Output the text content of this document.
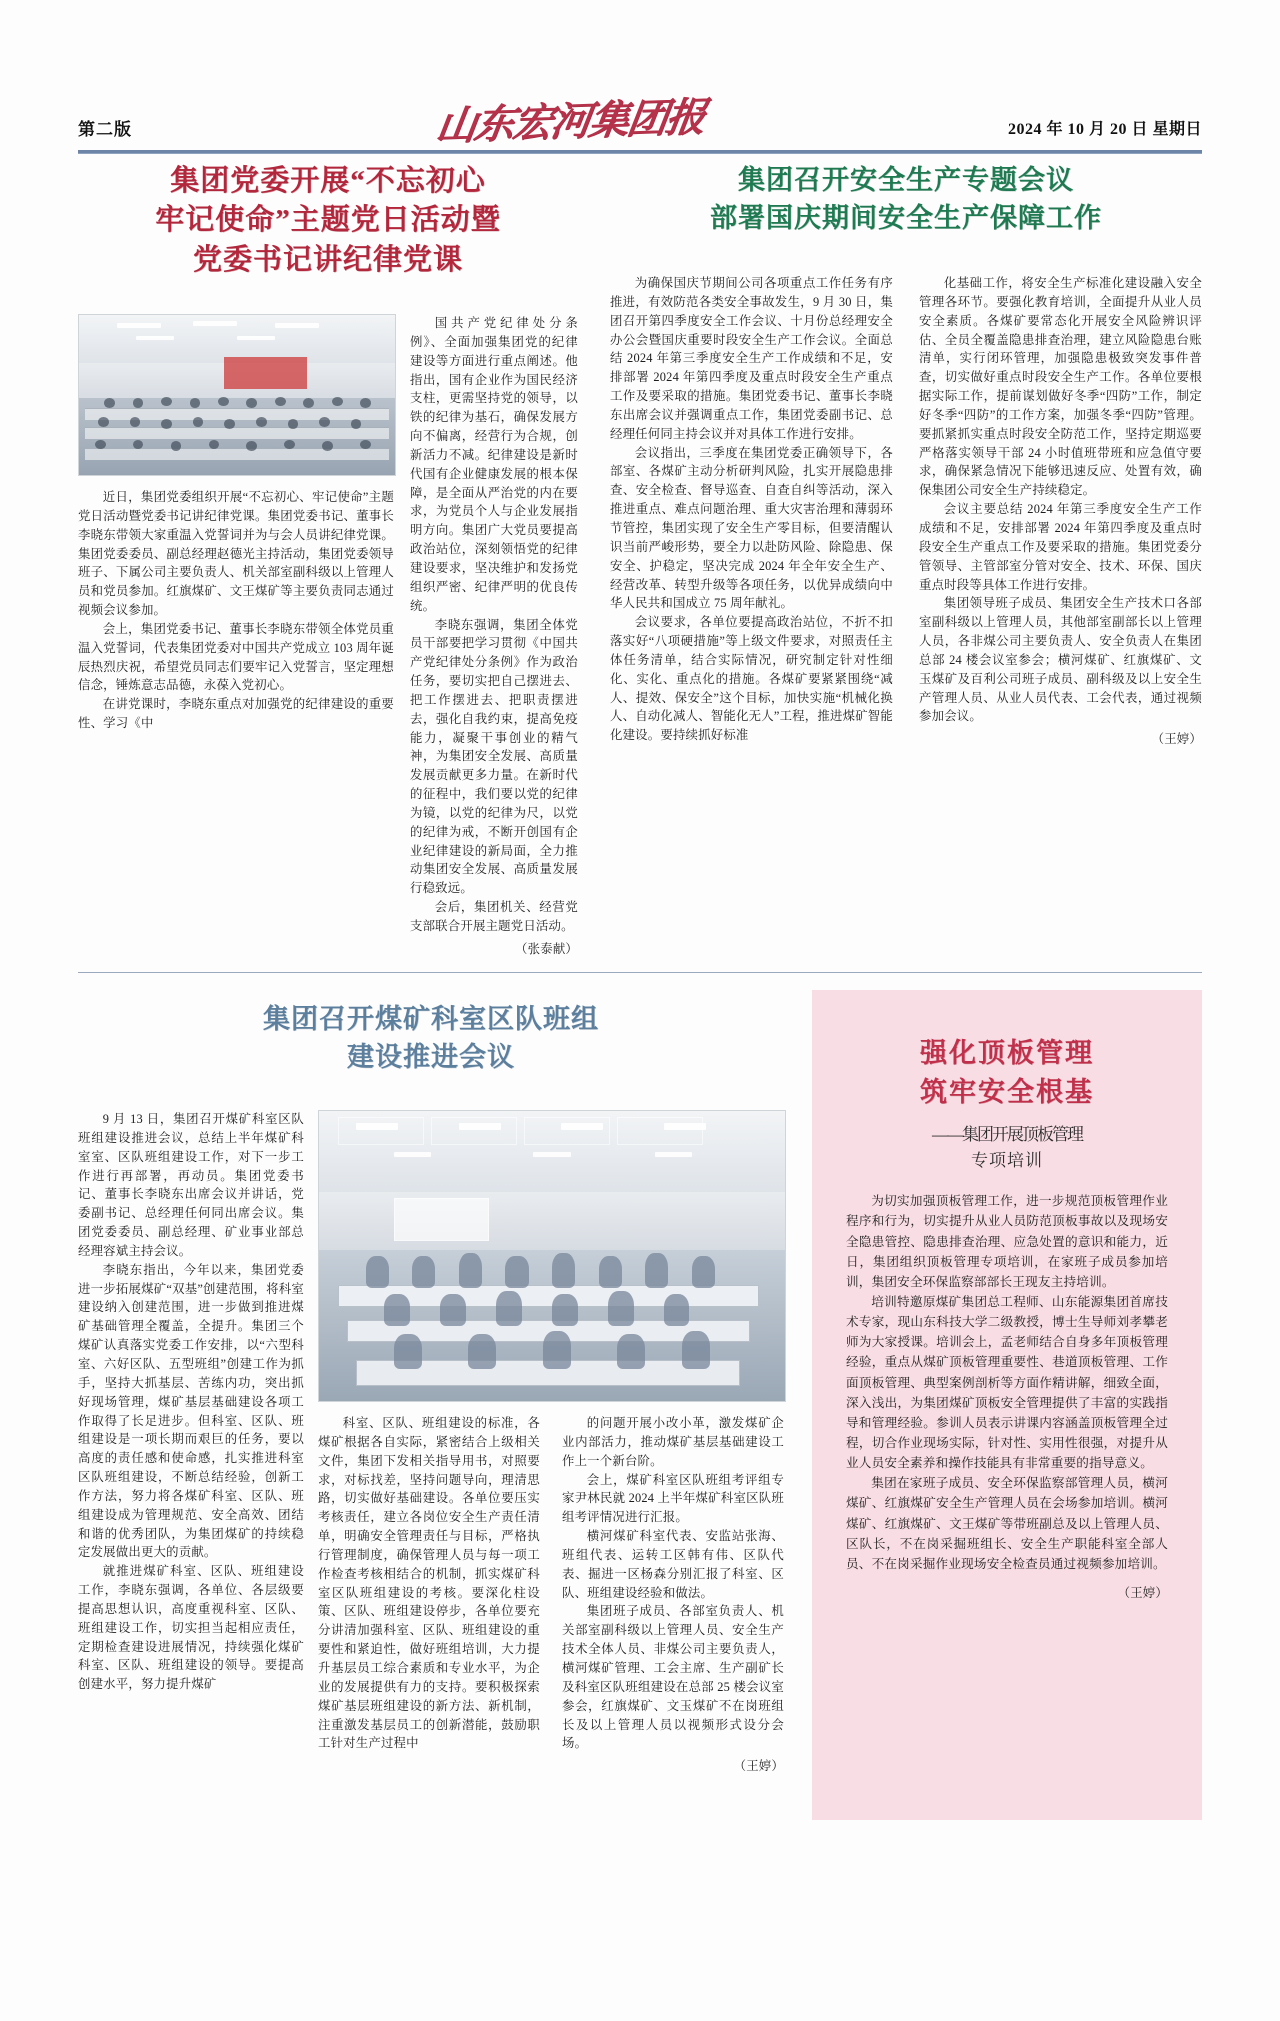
第二版	山东宏河集团报	2024 年 10 月 20 日 星期日
集团党委开展“不忘初心
牢记使命”主题党日活动暨
党委书记讲纪律党课

近日，集团党委组织开展“不忘初心、牢记使命”主题党日活动暨党委书记讲纪律党课。集团党委书记、董事长李晓东带领大家重温入党誓词并为与会人员讲纪律党课。集团党委委员、副总经理赵德光主持活动，集团党委领导班子、下属公司主要负责人、机关部室副科级以上管理人员和党员参加。红旗煤矿、文王煤矿等主要负责同志通过视频会议参加。

会上，集团党委书记、董事长李晓东带领全体党员重温入党誓词，代表集团党委对中国共产党成立 103 周年诞辰热烈庆祝，希望党员同志们要牢记入党誓言，坚定理想信念，锤炼意志品德，永葆入党初心。

在讲党课时，李晓东重点对加强党的纪律建设的重要性、学习《中

国共产党纪律处分条例》、全面加强集团党的纪律建设等方面进行重点阐述。他指出，国有企业作为国民经济支柱，更需坚持党的领导，以铁的纪律为基石，确保发展方向不偏离，经营行为合规，创新活力不减。纪律建设是新时代国有企业健康发展的根本保障，是全面从严治党的内在要求，为党员个人与企业发展指明方向。集团广大党员要提高政治站位，深刻领悟党的纪律建设要求，坚决维护和发扬党组织严密、纪律严明的优良传统。

李晓东强调，集团全体党员干部要把学习贯彻《中国共产党纪律处分条例》作为政治任务，要切实把自己摆进去、把工作摆进去、把职责摆进去，强化自我约束，提高免疫能力，凝聚干事创业的精气神，为集团安全发展、高质量发展贡献更多力量。在新时代的征程中，我们要以党的纪律为镜，以党的纪律为尺，以党的纪律为戒，不断开创国有企业纪律建设的新局面，全力推动集团安全发展、高质量发展行稳致远。

会后，集团机关、经营党支部联合开展主题党日活动。

（张泰献）
集团召开安全生产专题会议
部署国庆期间安全生产保障工作

为确保国庆节期间公司各项重点工作任务有序推进，有效防范各类安全事故发生，9 月 30 日，集团召开第四季度安全工作会议、十月份总经理安全办公会暨国庆重要时段安全生产工作会议。全面总结 2024 年第三季度安全生产工作成绩和不足，安排部署 2024 年第四季度及重点时段安全生产重点工作及要采取的措施。集团党委书记、董事长李晓东出席会议并强调重点工作，集团党委副书记、总经理任何同主持会议并对具体工作进行安排。

会议指出，三季度在集团党委正确领导下，各部室、各煤矿主动分析研判风险，扎实开展隐患排查、安全检查、督导巡查、自查自纠等活动，深入推进重点、难点问题治理、重大灾害治理和薄弱环节管控，集团实现了安全生产零目标，但要清醒认识当前严峻形势，要全力以赴防风险、除隐患、保安全、护稳定，坚决完成 2024 年全年安全生产、经营改革、转型升级等各项任务，以优异成绩向中华人民共和国成立 75 周年献礼。

会议要求，各单位要提高政治站位，不折不扣落实好“八项硬措施”等上级文件要求，对照责任主体任务清单，结合实际情况，研究制定针对性细化、实化、重点化的措施。各煤矿要紧紧围绕“减人、提效、保安全”这个目标，加快实施“机械化换人、自动化减人、智能化无人”工程，推进煤矿智能化建设。要持续抓好标准

化基础工作，将安全生产标准化建设融入安全管理各环节。要强化教育培训，全面提升从业人员安全素质。各煤矿要常态化开展安全风险辨识评估、全员全覆盖隐患排查治理，建立风险隐患台账清单，实行闭环管理，加强隐患极致突发事件普查，切实做好重点时段安全生产工作。各单位要根据实际工作，提前谋划做好冬季“四防”工作，制定好冬季“四防”的工作方案，加强冬季“四防”管理。要抓紧抓实重点时段安全防范工作，坚持定期巡要严格落实领导干部 24 小时值班带班和应急值守要求，确保紧急情况下能够迅速反应、处置有效，确保集团公司安全生产持续稳定。

会议主要总结 2024 年第三季度安全生产工作成绩和不足，安排部署 2024 年第四季度及重点时段安全生产重点工作及要采取的措施。集团党委分管领导、主管部室分管对安全、技术、环保、国庆重点时段等具体工作进行安排。

集团领导班子成员、集团安全生产技术口各部室副科级以上管理人员，其他部室副部长以上管理人员，各非煤公司主要负责人、安全负责人在集团总部 24 楼会议室参会；横河煤矿、红旗煤矿、文玉煤矿及百利公司班子成员、副科级及以上安全生产管理人员、从业人员代表、工会代表，通过视频参加会议。

（王婷）
集团召开煤矿科室区队班组
建设推进会议

9 月 13 日，集团召开煤矿科室区队班组建设推进会议，总结上半年煤矿科室室、区队班组建设工作，对下一步工作进行再部署，再动员。集团党委书记、董事长李晓东出席会议并讲话，党委副书记、总经理任何同出席会议。集团党委委员、副总经理、矿业事业部总经理容斌主持会议。

李晓东指出，今年以来，集团党委进一步拓展煤矿“双基”创建范围，将科室建设纳入创建范围，进一步做到推进煤矿基础管理全覆盖，全提升。集团三个煤矿认真落实党委工作安排，以“六型科室、六好区队、五型班组”创建工作为抓手，坚持大抓基层、苦练内功，突出抓好现场管理，煤矿基层基础建设各项工作取得了长足进步。但科室、区队、班组建设是一项长期而艰巨的任务，要以高度的责任感和使命感，扎实推进科室区队班组建设，不断总结经验，创新工作方法，努力将各煤矿科室、区队、班组建设成为管理规范、安全高效、团结和谐的优秀团队，为集团煤矿的持续稳定发展做出更大的贡献。

就推进煤矿科室、区队、班组建设工作，李晓东强调，各单位、各层级要提高思想认识，高度重视科室、区队、班组建设工作，切实担当起相应责任，定期检查建设进展情况，持续强化煤矿科室、区队、班组建设的领导。要提高创建水平，努力提升煤矿

科室、区队、班组建设的标准，各煤矿根据各自实际，紧密结合上级相关文件，集团下发相关指导用书，对照要求，对标找差，坚持问题导向，理清思路，切实做好基础建设。各单位要压实考核责任，建立各岗位安全生产责任清单，明确安全管理责任与目标，严格执行管理制度，确保管理人员与每一项工作检查考核相结合的机制，抓实煤矿科室区队班组建设的考核。要深化柱设策、区队、班组建设停步，各单位要充分讲清加强科室、区队、班组建设的重要性和紧迫性，做好班组培训，大力提升基层员工综合素质和专业水平，为企业的发展提供有力的支持。要积极探索煤矿基层班组建设的新方法、新机制，注重激发基层员工的创新潜能，鼓励职工针对生产过程中

的问题开展小改小革，激发煤矿企业内部活力，推动煤矿基层基础建设工作上一个新台阶。

会上，煤矿科室区队班组考评组专家尹林民就 2024 上半年煤矿科室区队班组考评情况进行汇报。

横河煤矿科室代表、安监站张海、班组代表、运转工区韩有伟、区队代表、掘进一区杨森分别汇报了科室、区队、班组建设经验和做法。

集团班子成员、各部室负责人、机关部室副科级以上管理人员、安全生产技术全体人员、非煤公司主要负责人，横河煤矿管理、工会主席、生产副矿长及科室区队班组建设在总部 25 楼会议室参会，红旗煤矿、文玉煤矿不在岗班组长及以上管理人员以视频形式设分会场。

（王婷）
强化顶板管理
筑牢安全根基
——集团开展顶板管理
专项培训

为切实加强顶板管理工作，进一步规范顶板管理作业程序和行为，切实提升从业人员防范顶板事故以及现场安全隐患管控、隐患排查治理、应急处置的意识和能力，近日，集团组织顶板管理专项培训，在家班子成员参加培训，集团安全环保监察部部长王现友主持培训。

培训特邀原煤矿集团总工程师、山东能源集团首席技术专家，现山东科技大学二级教授，博士生导师刘孝攀老师为大家授课。培训会上，孟老师结合自身多年顶板管理经验，重点从煤矿顶板管理重要性、巷道顶板管理、工作面顶板管理、典型案例剖析等方面作精讲解，细致全面，深入浅出，为集团煤矿顶板安全管理提供了丰富的实践指导和管理经验。参训人员表示讲课内容涵盖顶板管理全过程，切合作业现场实际，针对性、实用性很强，对提升从业人员安全素养和操作技能具有非常重要的指导意义。

集团在家班子成员、安全环保监察部管理人员，横河煤矿、红旗煤矿安全生产管理人员在会场参加培训。横河煤矿、红旗煤矿、文王煤矿等带班副总及以上管理人员、区队长，不在岗采掘班组长、安全生产职能科室全部人员、不在岗采掘作业现场安全检查员通过视频参加培训。

（王婷）
